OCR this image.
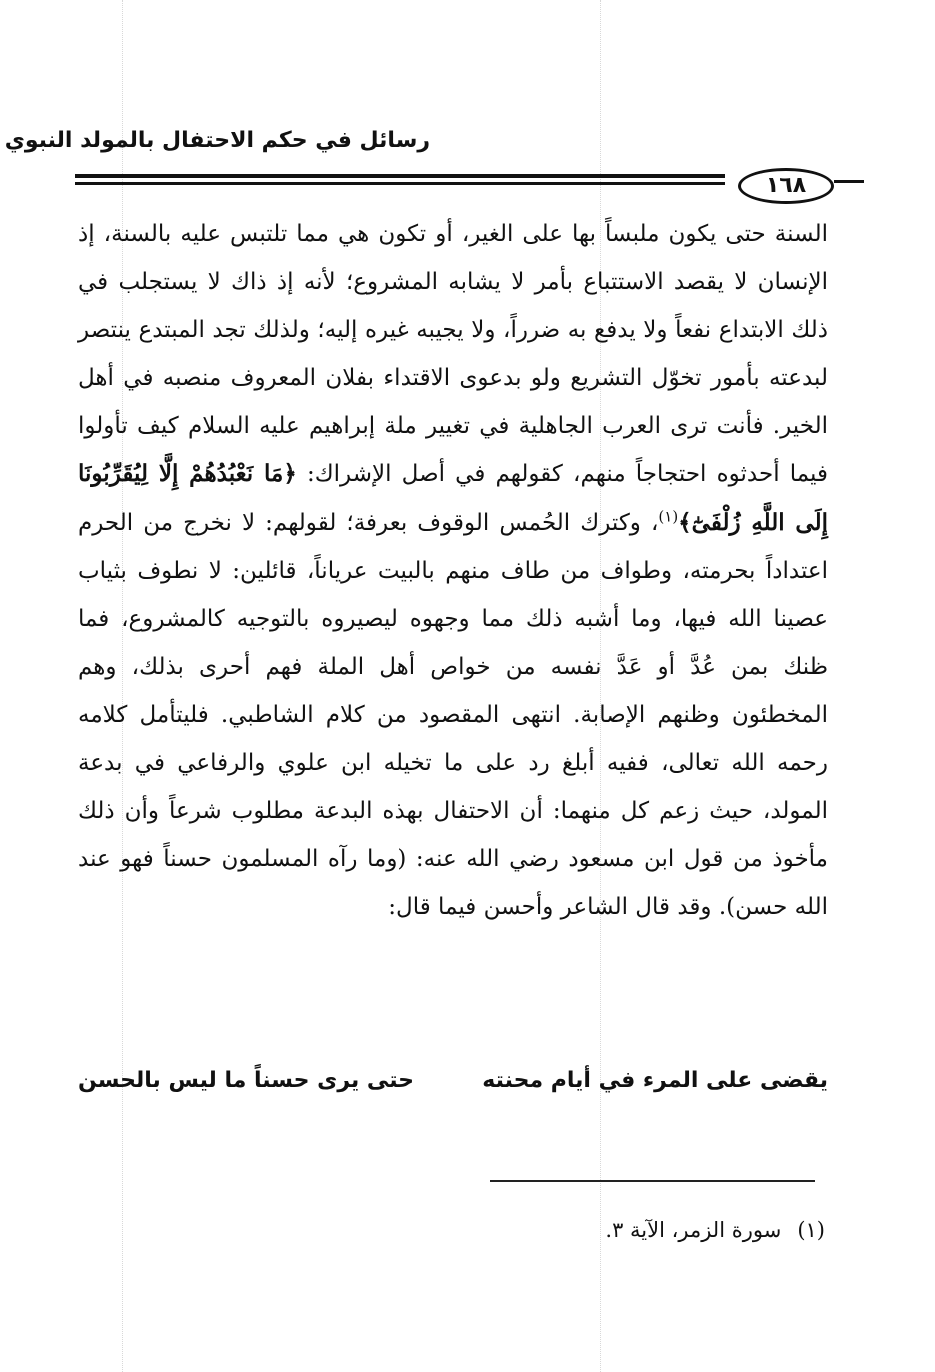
رسائل في حكم الاحتفال بالمولد النبوي
١٦٨

السنة حتى يكون ملبساً بها على الغير، أو تكون هي مما تلتبس عليه بالسنة، إذ الإنسان لا يقصد الاستتباع بأمر لا يشابه المشروع؛ لأنه إذ ذاك لا يستجلب في ذلك الابتداع نفعاً ولا يدفع به ضرراً، ولا يجيبه غيره إليه؛ ولذلك تجد المبتدع ينتصر لبدعته بأمور تخوّل التشريع ولو بدعوى الاقتداء بفلان المعروف منصبه في أهل الخير. فأنت ترى العرب الجاهلية في تغيير ملة إبراهيم عليه السلام كيف تأولوا فيما أحدثوه احتجاجاً منهم، كقولهم في أصل الإشراك: ﴿مَا نَعْبُدُهُمْ إِلَّا لِيُقَرِّبُونَا إِلَى اللَّهِ زُلْفَىٰٓ﴾$^{(١)}$، وكترك الحُمس الوقوف بعرفة؛ لقولهم: لا نخرج من الحرم اعتداداً بحرمته، وطواف من طاف منهم بالبيت عرياناً، قائلين: لا نطوف بثياب عصينا الله فيها، وما أشبه ذلك مما وجهوه ليصيروه بالتوجيه كالمشروع، فما ظنك بمن عُدَّ أو عَدَّ نفسه من خواص أهل الملة فهم أحرى بذلك، وهم المخطئون وظنهم الإصابة. انتهى المقصود من كلام الشاطبي. فليتأمل كلامه رحمه الله تعالى، ففيه أبلغ رد على ما تخيله ابن علوي والرفاعي في بدعة المولد، حيث زعم كل منهما: أن الاحتفال بهذه البدعة مطلوب شرعاً وأن ذلك مأخوذ من قول ابن مسعود رضي الله عنه: (وما رآه المسلمون حسناً فهو عند الله حسن). وقد قال الشاعر وأحسن فيما قال:

يقضى على المرء في أيام محنته
حتى يرى حسناً ما ليس بالحسن
(١)سورة الزمر، الآية ٣.
